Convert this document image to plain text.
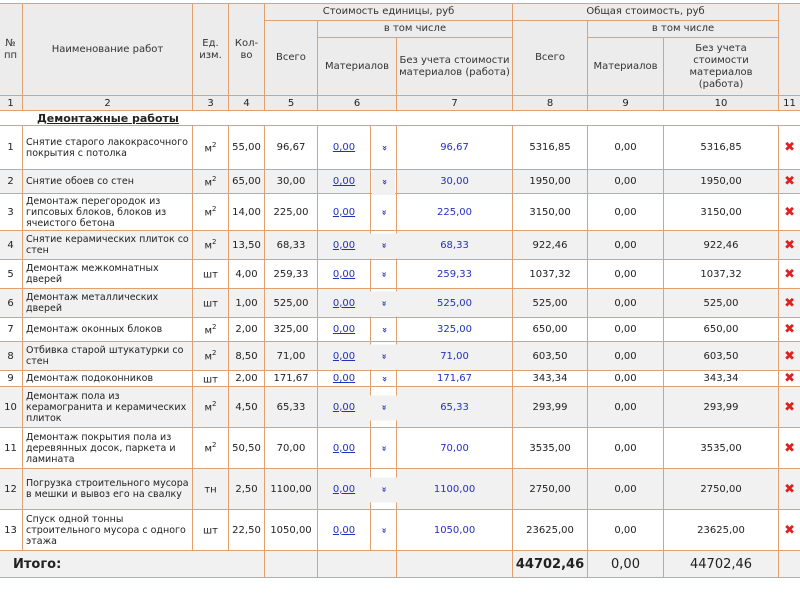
№ пп	Наименование работ	Ед. изм.	Кол-во	Стоимость единицы, руб				Общая стоимость, руб			
				Всего	в том числе			Всего	в том числе		
					Материалов		Без учета стоимости материалов (работа)		Материалов	Без учета стоимости материалов (работа)	
1	2	3	4	5	6		7	8	9	10	11
Демонтажные работы											
1	Снятие старого лакокрасочного покрытия с потолка	$м^2$	55,00	96,67	0,00	»	96,67	5316,85	0,00	5316,85	✖
2	Снятие обоев со стен	$м^2$	65,00	30,00	0,00	»	30,00	1950,00	0,00	1950,00	✖
3	Демонтаж перегородок из гипсовых блоков, блоков из ячеистого бетона	$м^2$	14,00	225,00	0,00	»	225,00	3150,00	0,00	3150,00	✖
4	Снятие керамических плиток со стен	$м^2$	13,50	68,33	0,00	»	68,33	922,46	0,00	922,46	✖
5	Демонтаж межкомнатных дверей	шт	4,00	259,33	0,00	»	259,33	1037,32	0,00	1037,32	✖
6	Демонтаж металлических дверей	шт	1,00	525,00	0,00	»	525,00	525,00	0,00	525,00	✖
7	Демонтаж оконных блоков	$м^2$	2,00	325,00	0,00	»	325,00	650,00	0,00	650,00	✖
8	Отбивка старой штукатурки со стен	$м^2$	8,50	71,00	0,00	»	71,00	603,50	0,00	603,50	✖
9	Демонтаж подоконников	шт	2,00	171,67	0,00	»	171,67	343,34	0,00	343,34	✖
10	Демонтаж пола из керамогранита и керамических плиток	$м^2$	4,50	65,33	0,00	»	65,33	293,99	0,00	293,99	✖
11	Демонтаж покрытия пола из деревянных досок, паркета и ламината	$м^2$	50,50	70,00	0,00	»	70,00	3535,00	0,00	3535,00	✖
12	Погрузка строительного мусора в мешки и вывоз его на свалку	тн	2,50	1100,00	0,00	»	1100,00	2750,00	0,00	2750,00	✖
13	Спуск одной тонны строительного мусора с одного этажа	шт	22,50	1050,00	0,00	»	1050,00	23625,00	0,00	23625,00	✖
Итого:								44702,46	0,00	44702,46	
